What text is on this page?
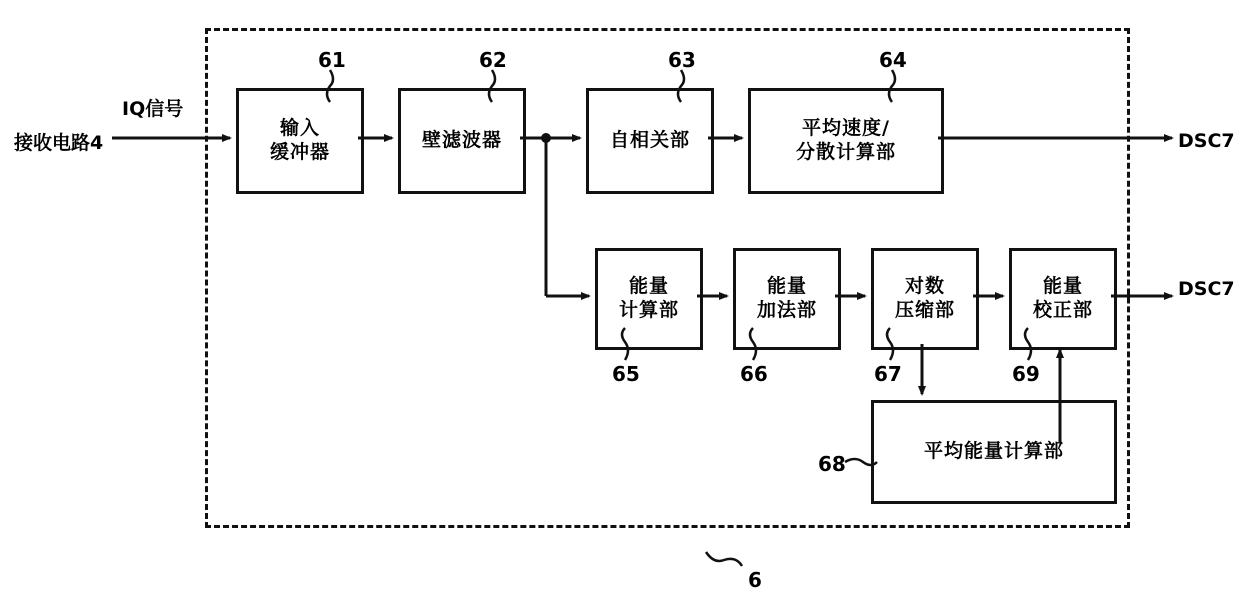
输入
缓冲器
壁滤波器	自相关部
平均速度/
分散计算部
能量
计算部
能量
加法部
对数
压缩部
能量
校正部
平均能量计算部
接收电路4
IQ信号
DSC7
DSC7
61	62	63	64
65	66	67	69
68
6
